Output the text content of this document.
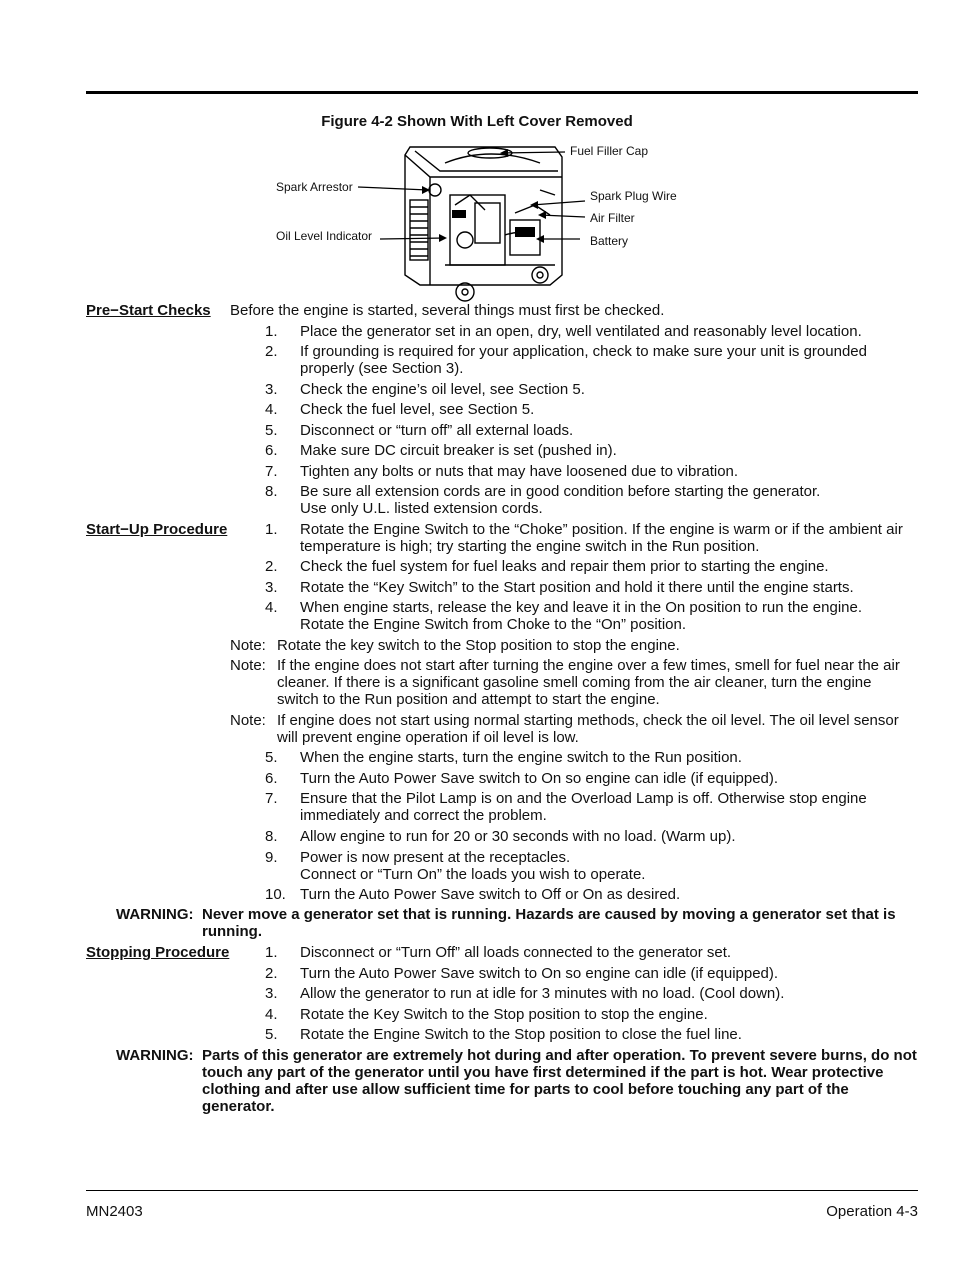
Figure 4-2 Shown With Left Cover Removed
Fuel Filler Cap
Spark Arrestor
Spark Plug Wire
Air Filter
Oil Level Indicator	Battery
Pre−Start Checks Before the engine is started, several things must first be checked.
1.	Place the generator set in an open, dry, well ventilated and reasonably level location.
2.	If grounding is required for your application, check to make sure your unit is grounded properly (see Section 3).
3.	Check the engine’s oil level, see Section 5.
4.	Check the fuel level, see Section 5.
5.	Disconnect or “turn off” all external loads.
6.	Make sure DC circuit breaker is set (pushed in).
7.	Tighten any bolts or nuts that may have loosened due to vibration.
8.	Be sure all extension cords are in good condition before starting the generator.
Use only U.L. listed extension cords.
Start−Up Procedure	1.	Rotate the Engine Switch to the “Choke” position. If the engine is warm or if the ambient air temperature is high; try starting the engine switch in the Run position.
2.	Check the fuel system for fuel leaks and repair them prior to starting the engine.
3.	Rotate the “Key Switch” to the Start position and hold it there until the engine starts.
4.	When engine starts, release the key and leave it in the On position to run the engine.
Rotate the Engine Switch from Choke to the “On” position.
Note: Rotate the key switch to the Stop position to stop the engine.
Note: If the engine does not start after turning the engine over a few times, smell for fuel near the air cleaner. If there is a significant gasoline smell coming from the air cleaner, turn the engine switch to the Run position and attempt to start the engine.
Note: If engine does not start using normal starting methods, check the oil level. The oil level sensor will prevent engine operation if oil level is low.
5.	When the engine starts, turn the engine switch to the Run position.
6.	Turn the Auto Power Save switch to On so engine can idle (if equipped).
7.	Ensure that the Pilot Lamp is on and the Overload Lamp is off. Otherwise stop engine immediately and correct the problem.
8.	Allow engine to run for 20 or 30 seconds with no load. (Warm up).
9.	Power is now present at the receptacles.
Connect or “Turn On” the loads you wish to operate.
10. Turn the Auto Power Save switch to Off or On as desired.
WARNING: Never move a generator set that is running. Hazards are caused by moving a generator set that is running.
Stopping Procedure 1.	Disconnect or “Turn Off” all loads connected to the generator set.
2.	Turn the Auto Power Save switch to On so engine can idle (if equipped).
3.	Allow the generator to run at idle for 3 minutes with no load. (Cool down).
4.	Rotate the Key Switch to the Stop position to stop the engine.
5.	Rotate the Engine Switch to the Stop position to close the fuel line.
WARNING: Parts of this generator are extremely hot during and after operation. To prevent severe burns, do not touch any part of the generator until you have first determined if the part is hot. Wear protective clothing and after use allow sufficient time for parts to cool before touching any part of the generator.
MN2403	Operation 4-3
